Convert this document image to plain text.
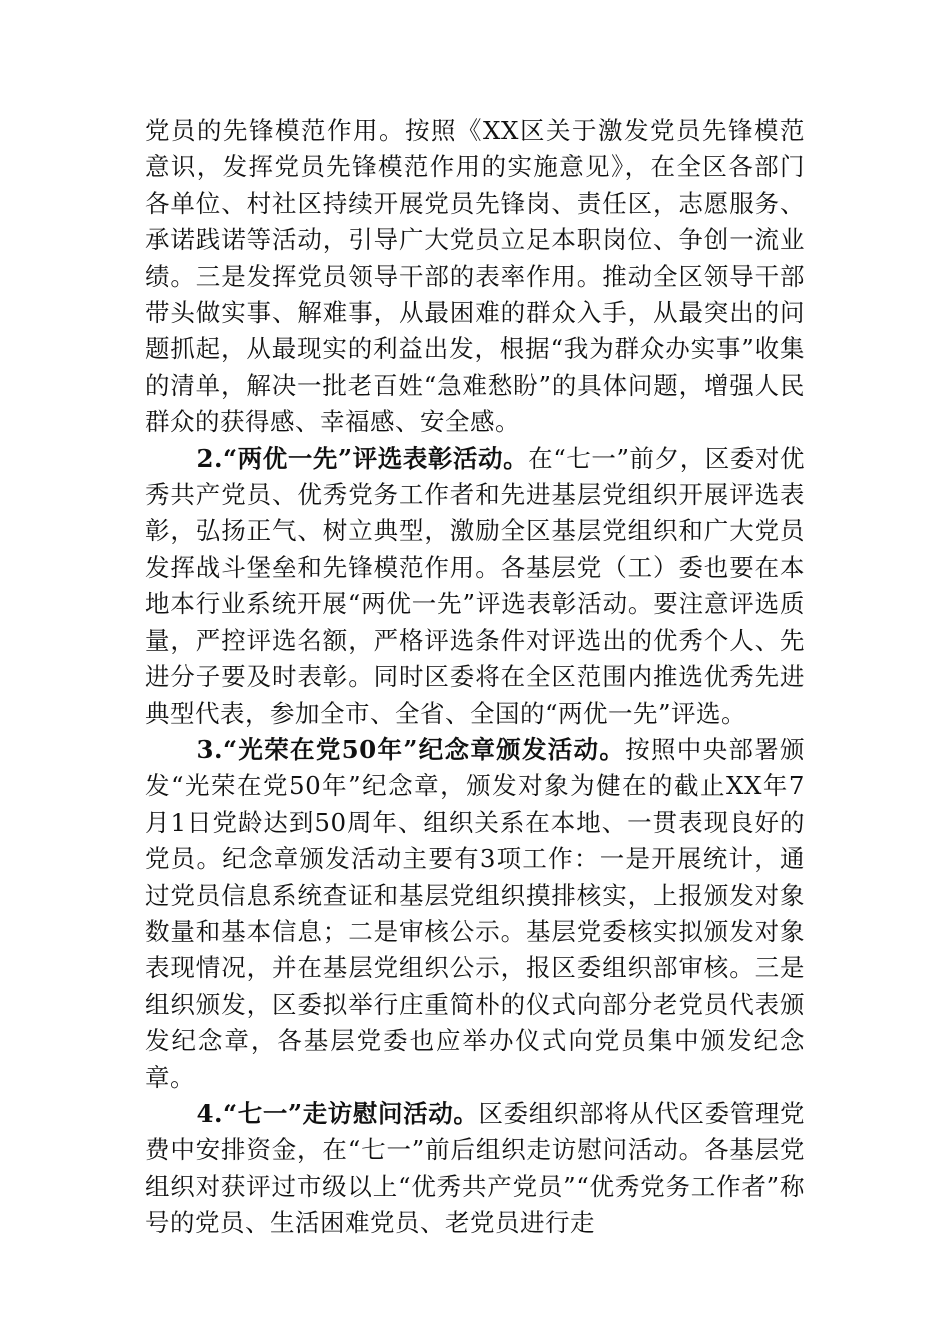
党员的先锋模范作用。按照《XX区关于激发党员先锋模范意识，发挥党员先锋模范作用的实施意见》，在全区各部门各单位、村社区持续开展党员先锋岗、责任区，志愿服务、承诺践诺等活动，引导广大党员立足本职岗位、争创一流业绩。三是发挥党员领导干部的表率作用。推动全区领导干部带头做实事、解难事，从最困难的群众入手，从最突出的问题抓起，从最现实的利益出发，根据“我为群众办实事”收集的清单，解决一批老百姓“急难愁盼”的具体问题，增强人民群众的获得感、幸福感、安全感。

2.“两优一先”评选表彰活动。在“七一”前夕，区委对优秀共产党员、优秀党务工作者和先进基层党组织开展评选表彰，弘扬正气、树立典型，激励全区基层党组织和广大党员发挥战斗堡垒和先锋模范作用。各基层党（工）委也要在本地本行业系统开展“两优一先”评选表彰活动。要注意评选质量，严控评选名额，严格评选条件对评选出的优秀个人、先进分子要及时表彰。同时区委将在全区范围内推选优秀先进典型代表，参加全市、全省、全国的“两优一先”评选。

3.“光荣在党50年”纪念章颁发活动。按照中央部署颁发“光荣在党50年”纪念章，颁发对象为健在的截止XX年7月1日党龄达到50周年、组织关系在本地、一贯表现良好的党员。纪念章颁发活动主要有3项工作：一是开展统计，通过党员信息系统查证和基层党组织摸排核实，上报颁发对象数量和基本信息；二是审核公示。基层党委核实拟颁发对象表现情况，并在基层党组织公示，报区委组织部审核。三是组织颁发，区委拟举行庄重简朴的仪式向部分老党员代表颁发纪念章，各基层党委也应举办仪式向党员集中颁发纪念章。

4.“七一”走访慰问活动。区委组织部将从代区委管理党费中安排资金，在“七一”前后组织走访慰问活动。各基层党组织对获评过市级以上“优秀共产党员”“优秀党务工作者”称号的党员、生活困难党员、老党员进行走
